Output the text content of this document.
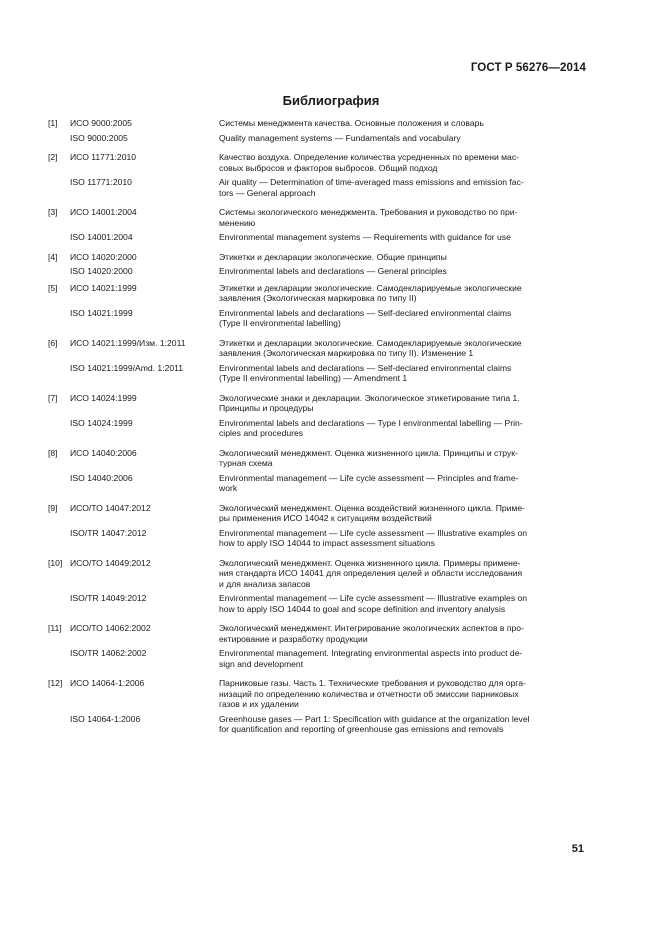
ГОСТ Р 56276—2014
Библиография
[1]	ИСО 9000:2005	Системы менеджмента качества. Основные положения и словарь
ISO 9000:2005	Quality management systems — Fundamentals and vocabulary
[2]	ИСО 11771:2010	Качество воздуха. Определение количества усредненных по времени мас-
совых выбросов и факторов выбросов. Общий подход
ISO 11771:2010	Air quality — Determination of time-averaged mass emissions and emission fac-
tors — General approach
[3]	ИСО 14001:2004	Системы экологического менеджмента. Требования и руководство по при-
менению
ISO 14001:2004	Environmental management systems — Requirements with guidance for use
[4]	ИСО 14020:2000	Этикетки и декларации экологические. Общие принципы
ISO 14020:2000	Environmental labels and declarations — General principles
[5]	ИСО 14021:1999	Этикетки и декларации экологические. Самодекларируемые экологические
заявления (Экологическая маркировка по типу II)
ISO 14021:1999	Environmental labels and declarations — Self-declared environmental claims
(Type II environmental labelling)
[6]	ИСО 14021:1999/Изм. 1:2011	Этикетки и декларации экологические. Самодекларируемые экологические
заявления (Экологическая маркировка по типу II). Изменение 1
ISO 14021:1999/Amd. 1:2011	Environmental labels and declarations — Self-declared environmental claims
(Type II environmental labelling) — Amendment 1
[7]	ИСО 14024:1999	Экологические знаки и декларации. Экологическое этикетирование типа 1.
Принципы и процедуры
ISO 14024:1999	Environmental labels and declarations — Type I environmental labelling — Prin-
ciples and procedures
[8]	ИСО 14040:2006	Экологический менеджмент. Оценка жизненного цикла. Принципы и струк-
турная схема
ISO 14040:2006	Environmental management — Life cycle assessment — Principles and frame-
work
[9]	ИСО/ТО 14047:2012	Экологический менеджмент. Оценка воздействий жизненного цикла. Приме-
ры применения ИСО 14042 к ситуациям воздействий
ISO/TR 14047:2012	Environmental management — Life cycle assessment — Illustrative examples on
how to apply ISO 14044 to impact assessment situations
[10] ИСО/ТО 14049:2012	Экологический менеджмент. Оценка жизненного цикла. Примеры примене-
ния стандарта ИСО 14041 для определения целей и области исследования
и для анализа запасов
ISO/TR 14049:2012	Environmental management — Life cycle assessment — Illustrative examples on
how to apply ISO 14044 to goal and scope definition and inventory analysis
[11] ИСО/ТО 14062:2002	Экологический менеджмент. Интегрирование экологических аспектов в про-
ектирование и разработку продукции
ISO/TR 14062:2002	Environmental management. Integrating environmental aspects into product de-
sign and development
[12] ИСО 14064-1:2006	Парниковые газы. Часть 1. Технические требования и руководство для орга-
низаций по определению количества и отчетности об эмиссии парниковых
газов и их удалении
ISO 14064-1:2006	Greenhouse gases — Part 1: Specification with guidance at the organization level
for quantification and reporting of greenhouse gas emissions and removals
51
